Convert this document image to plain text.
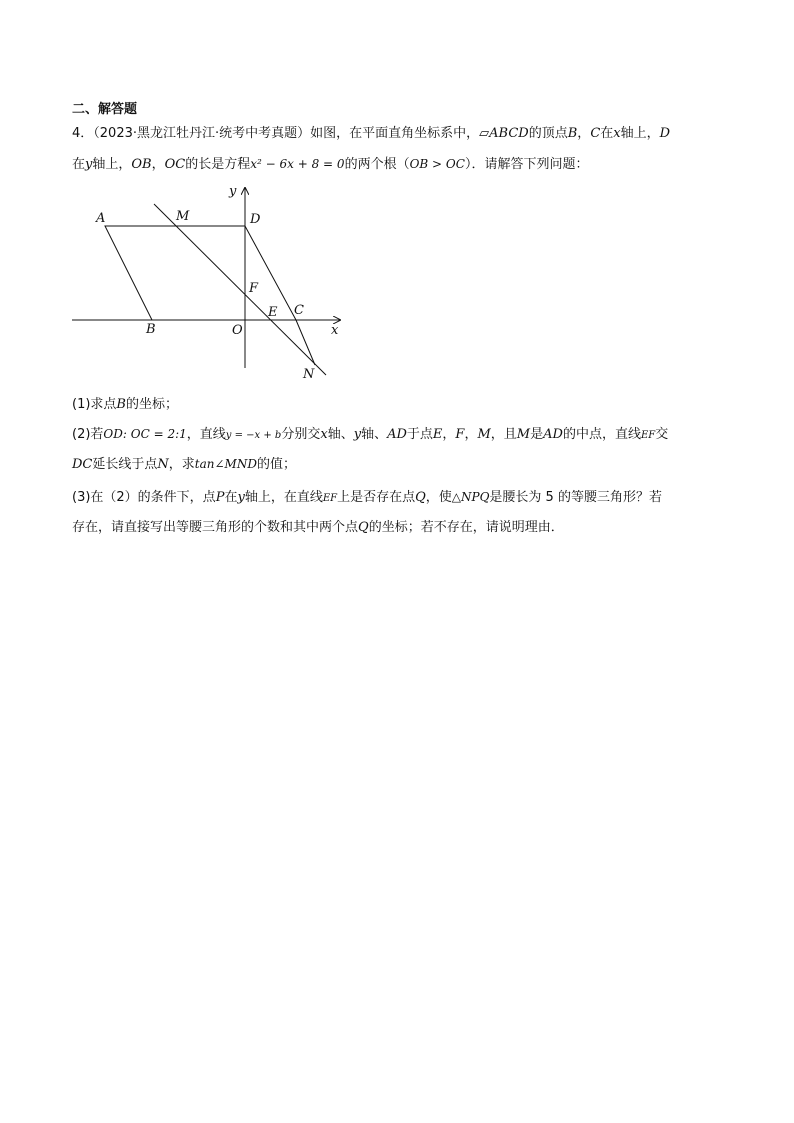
二、解答题
4．（2023·黑龙江牡丹江·统考中考真题）如图，在平面直角坐标系中，▱ABCD的顶点B，C在x轴上，D
在y轴上，OB，OC的长是方程x² − 6x + 8 = 0的两个根（OB > OC）．请解答下列问题：
y
A	M	D
F
E C
B	O	x
N
(1)求点B的坐标；
(2)若OD: OC = 2:1，直线y = −x + b分别交x轴、y轴、AD于点E，F，M，且M是AD的中点，直线EF交
DC延长线于点N，求tan∠MND的值；
(3)在（2）的条件下，点P在y轴上，在直线EF上是否存在点Q，使△NPQ是腰长为 5 的等腰三角形？若
存在，请直接写出等腰三角形的个数和其中两个点Q的坐标；若不存在，请说明理由．
